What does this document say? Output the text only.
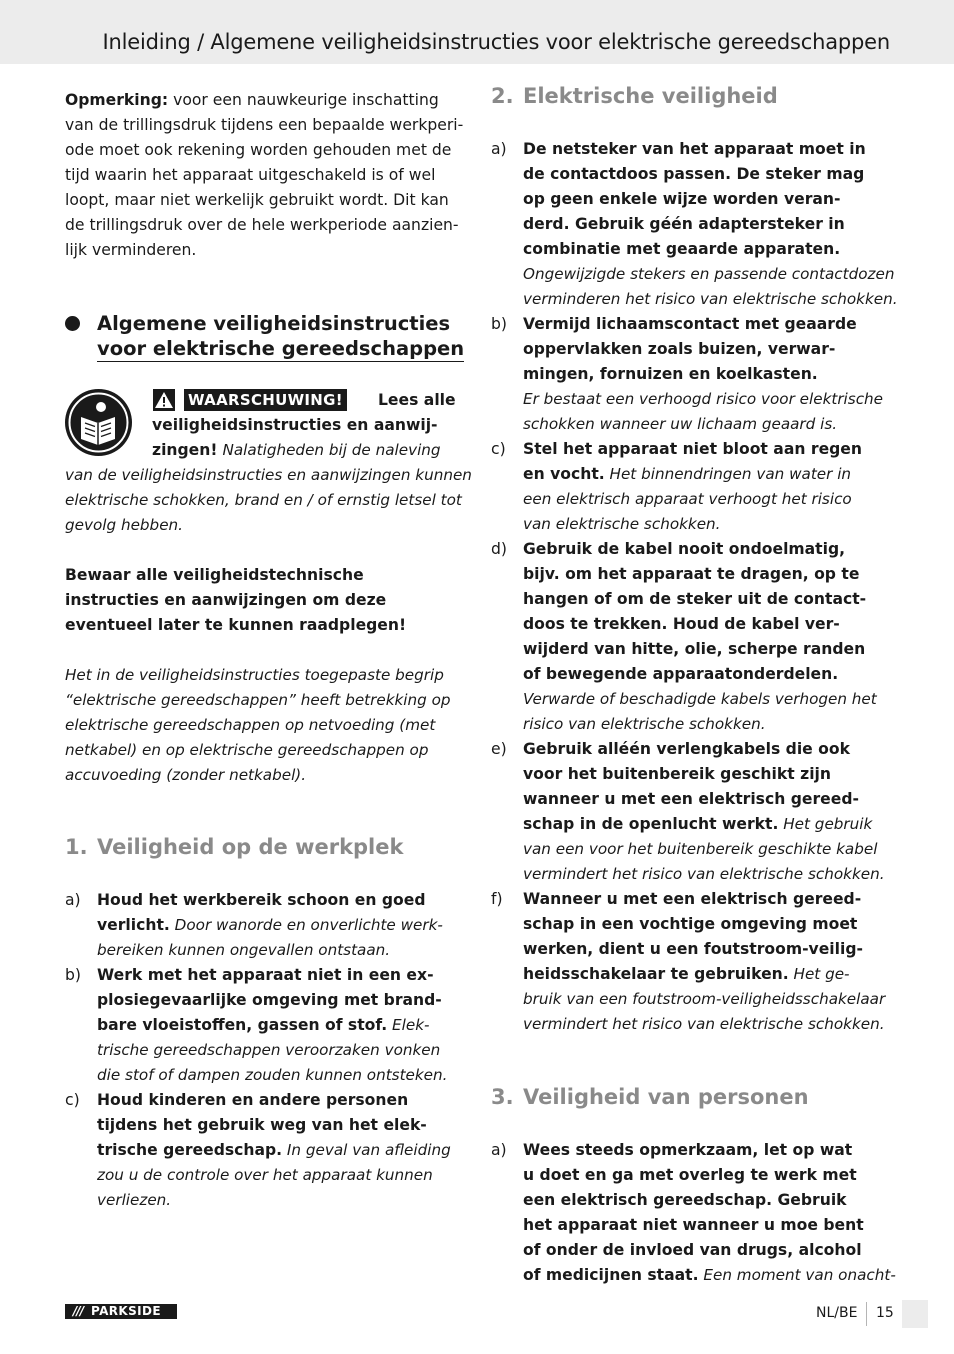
Inleiding / Algemene veiligheidsinstructies voor elektrische gereedschappen
Opmerking: voor een nauwkeurige inschatting
van de trillingsdruk tijdens een bepaalde werkperi-
ode moet ook rekening worden gehouden met de
tijd waarin het apparaat uitgeschakeld is of wel
loopt, maar niet werkelijk gebruikt wordt. Dit kan
de trillingsdruk over de hele werkperiode aanzien-
lijk verminderen.
Algemene veiligheidsinstructies
voor elektrische gereedschappen
WAARSCHUWING! Lees alle
veiligheidsinstructies en aanwij-
zingen! Nalatigheden bij de naleving
van de veiligheidsinstructies en aanwijzingen kunnen
elektrische schokken, brand en / of ernstig letsel tot
gevolg hebben.
Bewaar alle veiligheidstechnische
instructies en aanwijzingen om deze
eventueel later te kunnen raadplegen!
Het in de veiligheidsinstructies toegepaste begrip
“elektrische gereedschappen” heeft betrekking op
elektrische gereedschappen op netvoeding (met
netkabel) en op elektrische gereedschappen op
accuvoeding (zonder netkabel).
1. Veiligheid op de werkplek
2. Elektrische veiligheid
3. Veiligheid van personen
a) Houd het werkbereik schoon en goed
verlicht. Door wanorde en onverlichte werk-
bereiken kunnen ongevallen ontstaan.
b) Werk met het apparaat niet in een ex-
plosiegevaarlijke omgeving met brand-
bare vloeistoffen, gassen of stof. Elek-
trische gereedschappen veroorzaken vonken
die stof of dampen zouden kunnen ontsteken.
c) Houd kinderen en andere personen
tijdens het gebruik weg van het elek-
trische gereedschap. In geval van afleiding
zou u de controle over het apparaat kunnen
verliezen.
a) De netsteker van het apparaat moet in
de contactdoos passen. De steker mag
op geen enkele wijze worden veran-
derd. Gebruik géén adaptersteker in
combinatie met geaarde apparaten.
Ongewijzigde stekers en passende contactdozen
verminderen het risico van elektrische schokken.
b) Vermijd lichaamscontact met geaarde
oppervlakken zoals buizen, verwar-
mingen, fornuizen en koelkasten.
Er bestaat een verhoogd risico voor elektrische
schokken wanneer uw lichaam geaard is.
c) Stel het apparaat niet bloot aan regen
en vocht. Het binnendringen van water in
een elektrisch apparaat verhoogt het risico
van elektrische schokken.
d) Gebruik de kabel nooit ondoelmatig,
bijv. om het apparaat te dragen, op te
hangen of om de steker uit de contact-
doos te trekken. Houd de kabel ver-
wijderd van hitte, olie, scherpe randen
of bewegende apparaatonderdelen.
Verwarde of beschadigde kabels verhogen het
risico van elektrische schokken.
e) Gebruik alléén verlengkabels die ook
voor het buitenbereik geschikt zijn
wanneer u met een elektrisch gereed-
schap in de openlucht werkt. Het gebruik
van een voor het buitenbereik geschikte kabel
vermindert het risico van elektrische schokken.
f) Wanneer u met een elektrisch gereed-
schap in een vochtige omgeving moet
werken, dient u een foutstroom-veilig-
heidsschakelaar te gebruiken. Het ge-
bruik van een foutstroom-veiligheidsschakelaar
vermindert het risico van elektrische schokken.
a) Wees steeds opmerkzaam, let op wat
u doet en ga met overleg te werk met
een elektrisch gereedschap. Gebruik
het apparaat niet wanneer u moe bent
of onder de invloed van drugs, alcohol
of medicijnen staat. Een moment van onacht-
/// PARKSIDE	NL/BE 15
